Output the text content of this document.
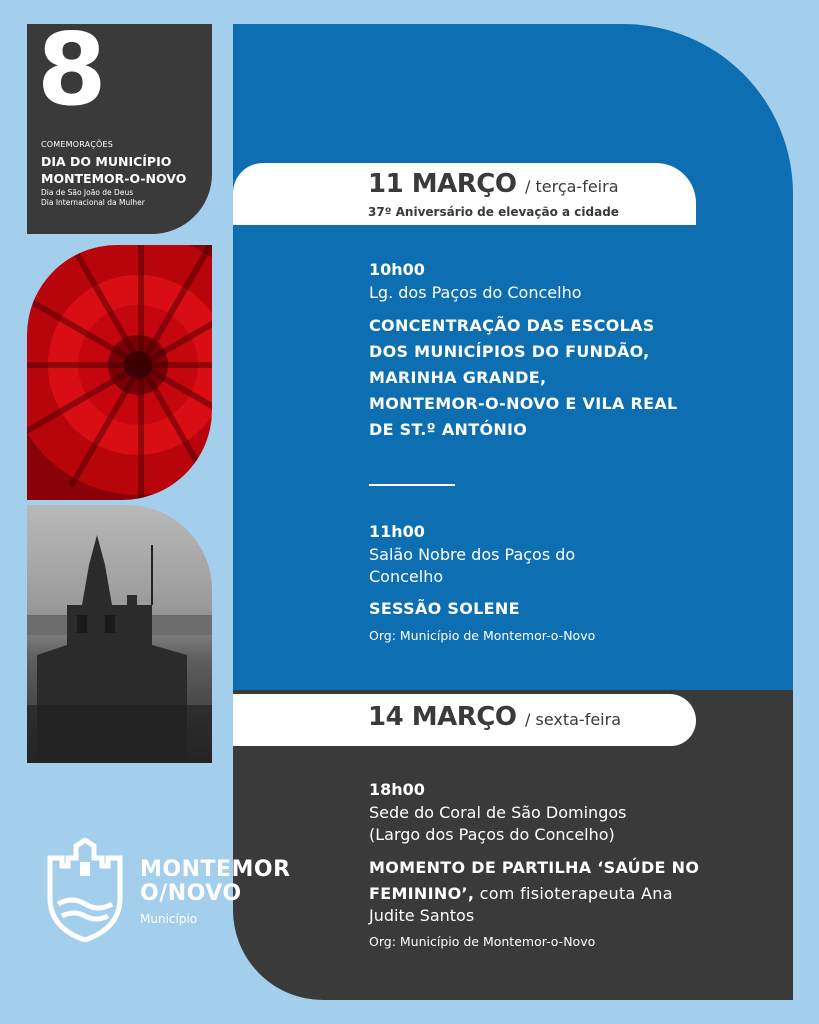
8
COMEMORAÇÕES
DIA DO MUNICÍPIO
MONTEMOR-O-NOVO
Dia de São João de Deus
Dia Internacional da Mulher
11 MARÇO / terça-feira
37º Aniversário de elevação a cidade
10h00
Lg. dos Paços do Concelho
CONCENTRAÇÃO DAS ESCOLAS
DOS MUNICÍPIOS DO FUNDÃO,
MARINHA GRANDE,
MONTEMOR-O-NOVO E VILA REAL
DE ST.º ANTÓNIO
11h00
Salão Nobre dos Paços do
Concelho
SESSÃO SOLENE
Org: Município de Montemor-o-Novo
14 MARÇO / sexta-feira
18h00
Sede do Coral de São Domingos
(Largo dos Paços do Concelho)
MOMENTO DE PARTILHA ‘SAÚDE NO
FEMININO’, com fisioterapeuta Ana
Judite Santos
Org: Município de Montemor-o-Novo
MONTEMOR
O/NOVO
Município
